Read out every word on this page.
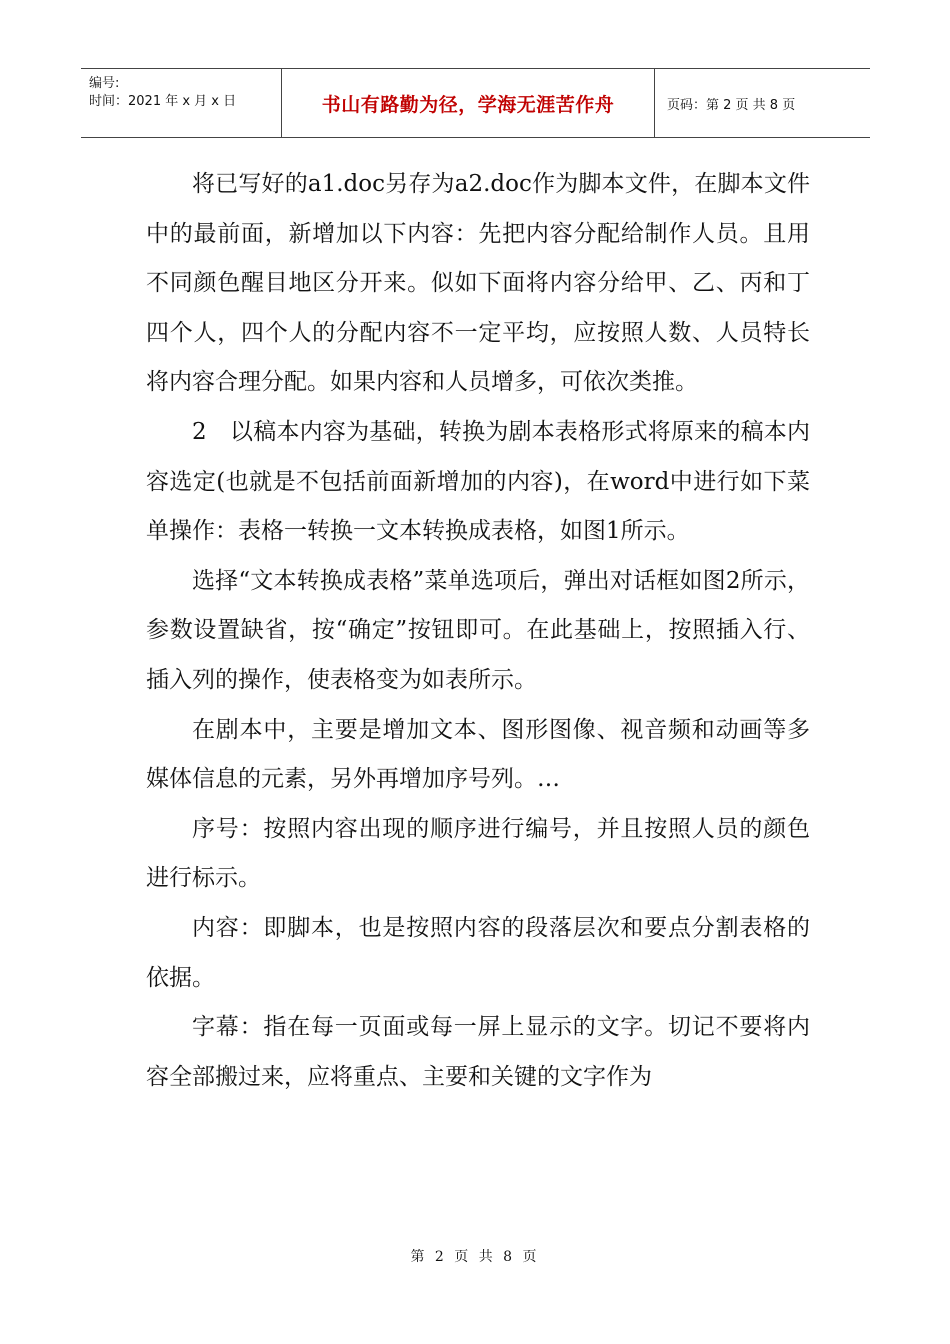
编号:
时间：2021 年 x 月 x 日	书山有路勤为径，学海无涯苦作舟	页码：第 2 页 共 8 页

将已写好的a1.doc另存为a2.doc作为脚本文件，在脚本文件中的最前面，新增加以下内容：先把内容分配给制作人员。且用不同颜色醒目地区分开来。似如下面将内容分给甲、乙、丙和丁四个人，四个人的分配内容不一定平均，应按照人数、人员特长将内容合理分配。如果内容和人员增多，可依次类推。

2　以稿本内容为基础，转换为剧本表格形式将原来的稿本内容选定(也就是不包括前面新增加的内容)，在word中进行如下菜单操作：表格一转换一文本转换成表格，如图1所示。

选择“文本转换成表格”菜单选项后，弹出对话框如图2所示，参数设置缺省，按“确定”按钮即可。在此基础上，按照插入行、插入列的操作，使表格变为如表所示。

在剧本中，主要是增加文本、图形图像、视音频和动画等多媒体信息的元素，另外再增加序号列。…

序号：按照内容出现的顺序进行编号，并且按照人员的颜色进行标示。

内容：即脚本，也是按照内容的段落层次和要点分割表格的依据。

字幕：指在每一页面或每一屏上显示的文字。切记不要将内容全部搬过来，应将重点、主要和关键的文字作为

第 2 页 共 8 页
